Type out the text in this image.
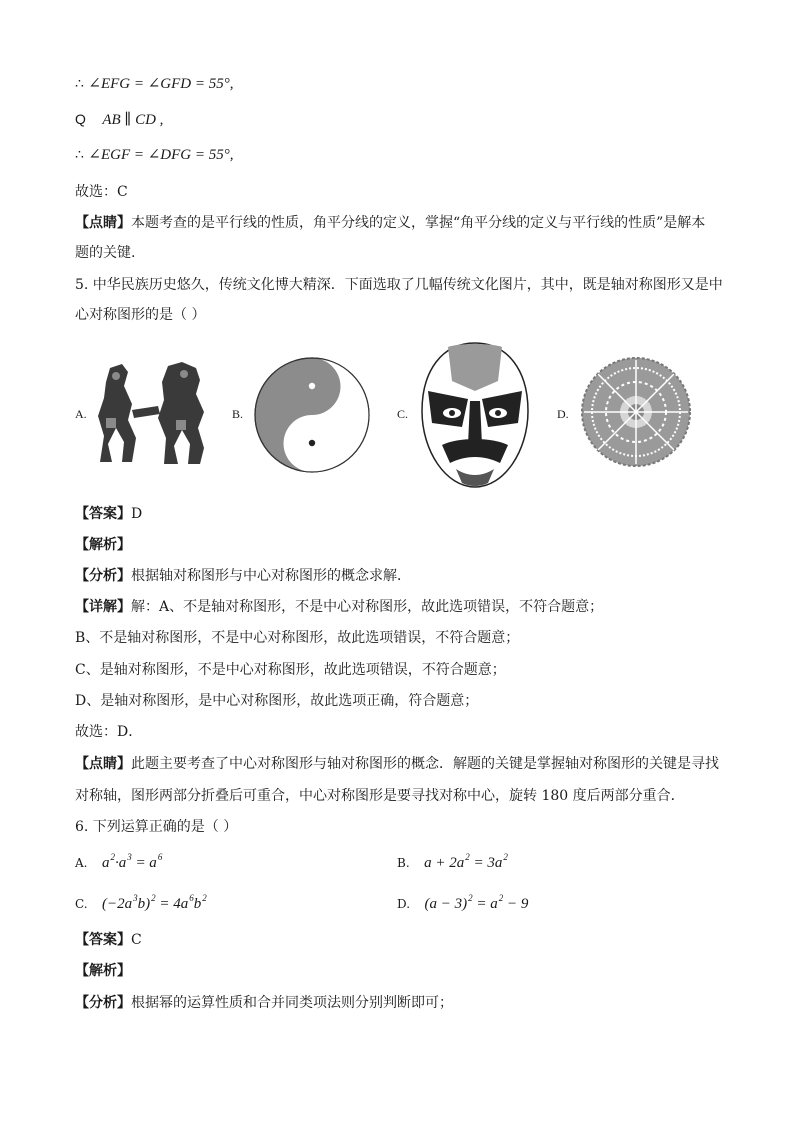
∴ ∠EFG = ∠GFD = 55°,
Q AB ∥ CD ,
∴ ∠EGF = ∠DFG = 55°,
故选：C
【点睛】本题考查的是平行线的性质，角平分线的定义，掌握“角平分线的定义与平行线的性质”是解本
题的关键.
5. 中华民族历史悠久，传统文化博大精深．下面选取了几幅传统文化图片，其中，既是轴对称图形又是中
心对称图形的是（ ）
A.	B.	C.	D.
【答案】D
【解析】
【分析】根据轴对称图形与中心对称图形的概念求解．
【详解】解：A、不是轴对称图形，不是中心对称图形，故此选项错误，不符合题意；
B、不是轴对称图形，不是中心对称图形，故此选项错误，不符合题意；
C、是轴对称图形，不是中心对称图形，故此选项错误，不符合题意；
D、是轴对称图形，是中心对称图形，故此选项正确，符合题意；
故选：D．
【点睛】此题主要考查了中心对称图形与轴对称图形的概念．解题的关键是掌握轴对称图形的关键是寻找
对称轴，图形两部分折叠后可重合，中心对称图形是要寻找对称中心，旋转 180 度后两部分重合．
6. 下列运算正确的是（ ）
A. $a^2\cdot a^3 = a^6$	B. $a + 2a^2 = 3a^2$
C. $(-2a^3b)^2 = 4a^6b^2$	D. $(a - 3)^2 = a^2 - 9$
【答案】C
【解析】
【分析】根据幂的运算性质和合并同类项法则分别判断即可；
